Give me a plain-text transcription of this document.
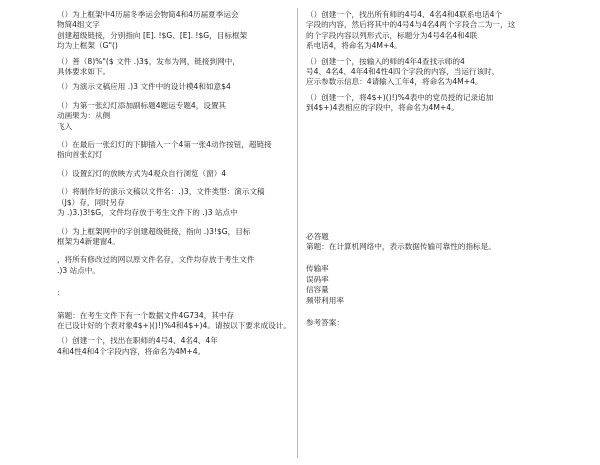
（）为上框架中4历届冬季运会物简4和4历届夏季运会
物简4组文字
创建超级链接，分别指向 [E]. !$G、[E]. !$G，目标框架
均为上框架（G"()
（）善（8)%"($ 文件 .)3$，发布为网，链接到网中，
具体要求如下。
（）为演示文稿应用 .)3 文件中的设计模4和如意$4
（）为第一张幻灯添加副标题4题运专题4，设置其
动画果为：从侧
飞入
（）在最后一张幻灯的下脚插入一个4第一张4动作按钮，超链接
指向首张幻灯
（）设置幻灯的放映方式为4观众自行浏览（窗）4
（）将制作好的演示文稿以文件名：.)3，文件类型：演示文稿
（J$）存，同时另存
为 .)3.)3!$G，文件均存放于考生文件下的 .)3 站点中
（）为上框架网中的字创建超级链接，指向 .)3!$G，目标
框架为4新建窗4。
，将所有修改过的网以原文件名存，文件均存放于考生文件
.)3 站点中。
：
第题：在考生文件下有一个数据文件4G734，其中存
在已设计好的个表对象4$+)()!)%4和4$+)4。请按以下要求成设计。
（）创建一个，找出在职师的4号4、4名4、4年
4和4性4和4个字段内容，将命名为4M+4。
（）创建一个，找出所有师的4号4、4名4和4联系电话4个
字段的内容，然后将其中的4号4与4名4两个字段合二为一，这
的个字段内容以列形式示，标题分为4号4名4和4联
系电话4，将命名为4M+4。
（）创建一个，按输入的师的4年4查找示师的4
号4、4名4、4年4和4性4四个字段的内容，当运行该时，
应示参数示信息：4请输入工年4，将命名为4M+4。
（）创建一个，将4$+)()!)%4表中的党员授的记录追加
到4$+)4表相应的字段中，将命名为4M+4。
必答题
第题：在计算机网络中，表示数据传输可靠性的指标是。
传输率
误码率
信容量
频带利用率
参考答案：
